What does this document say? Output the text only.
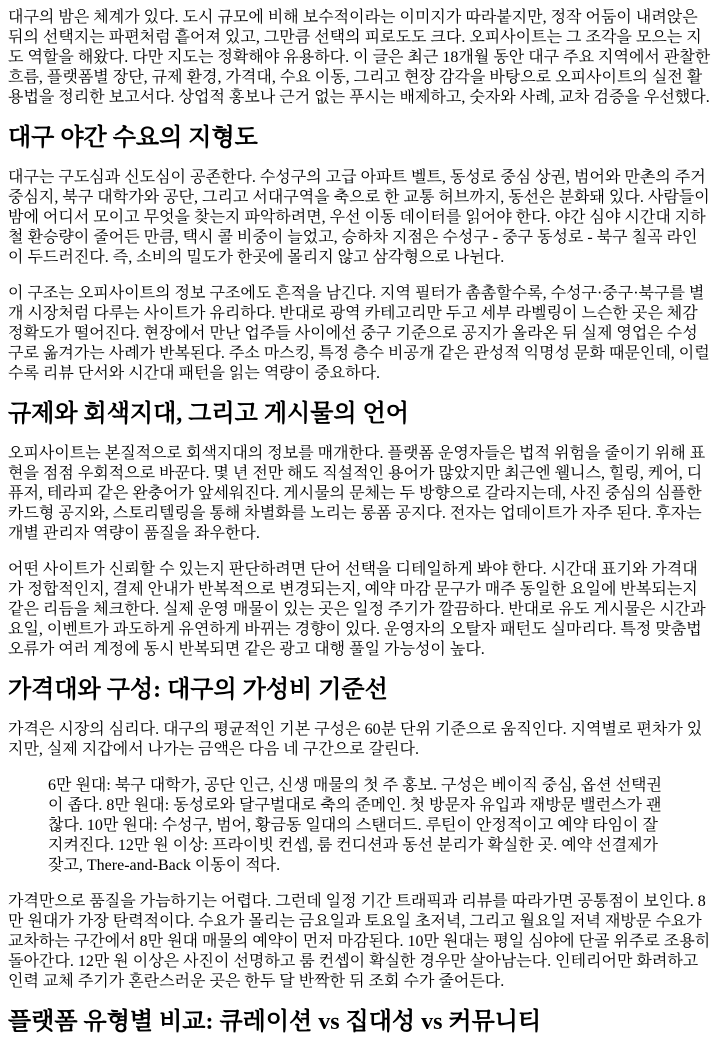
대구의 밤은 체계가 있다. 도시 규모에 비해 보수적이라는 이미지가 따라붙지만, 정작 어둠이 내려앉은 뒤의 선택지는 파편처럼 흩어져 있고, 그만큼 선택의 피로도도 크다. 오피사이트는 그 조각을 모으는 지도 역할을 해왔다. 다만 지도는 정확해야 유용하다. 이 글은 최근 18개월 동안 대구 주요 지역에서 관찰한 흐름, 플랫폼별 장단, 규제 환경, 가격대, 수요 이동, 그리고 현장 감각을 바탕으로 오피사이트의 실전 활용법을 정리한 보고서다. 상업적 홍보나 근거 없는 푸시는 배제하고, 숫자와 사례, 교차 검증을 우선했다.

대구 야간 수요의 지형도

대구는 구도심과 신도심이 공존한다. 수성구의 고급 아파트 벨트, 동성로 중심 상권, 범어와 만촌의 주거 중심지, 북구 대학가와 공단, 그리고 서대구역을 축으로 한 교통 허브까지, 동선은 분화돼 있다. 사람들이 밤에 어디서 모이고 무엇을 찾는지 파악하려면, 우선 이동 데이터를 읽어야 한다. 야간 심야 시간대 지하철 환승량이 줄어든 만큼, 택시 콜 비중이 늘었고, 승하차 지점은 수성구 - 중구 동성로 - 북구 칠곡 라인이 두드러진다. 즉, 소비의 밀도가 한곳에 몰리지 않고 삼각형으로 나뉜다.

이 구조는 오피사이트의 정보 구조에도 흔적을 남긴다. 지역 필터가 촘촘할수록, 수성구·중구·북구를 별개 시장처럼 다루는 사이트가 유리하다. 반대로 광역 카테고리만 두고 세부 라벨링이 느슨한 곳은 체감 정확도가 떨어진다. 현장에서 만난 업주들 사이에선 중구 기준으로 공지가 올라온 뒤 실제 영업은 수성구로 옮겨가는 사례가 반복된다. 주소 마스킹, 특정 층수 비공개 같은 관성적 익명성 문화 때문인데, 이럴수록 리뷰 단서와 시간대 패턴을 읽는 역량이 중요하다.

규제와 회색지대, 그리고 게시물의 언어

오피사이트는 본질적으로 회색지대의 정보를 매개한다. 플랫폼 운영자들은 법적 위험을 줄이기 위해 표현을 점점 우회적으로 바꾼다. 몇 년 전만 해도 직설적인 용어가 많았지만 최근엔 웰니스, 힐링, 케어, 디퓨저, 테라피 같은 완충어가 앞세워진다. 게시물의 문체는 두 방향으로 갈라지는데, 사진 중심의 심플한 카드형 공지와, 스토리텔링을 통해 차별화를 노리는 롱폼 공지다. 전자는 업데이트가 자주 된다. 후자는 개별 관리자 역량이 품질을 좌우한다.

어떤 사이트가 신뢰할 수 있는지 판단하려면 단어 선택을 디테일하게 봐야 한다. 시간대 표기와 가격대가 정합적인지, 결제 안내가 반복적으로 변경되는지, 예약 마감 문구가 매주 동일한 요일에 반복되는지 같은 리듬을 체크한다. 실제 운영 매물이 있는 곳은 일정 주기가 깔끔하다. 반대로 유도 게시물은 시간과 요일, 이벤트가 과도하게 유연하게 바뀌는 경향이 있다. 운영자의 오탈자 패턴도 실마리다. 특정 맞춤법 오류가 여러 계정에 동시 반복되면 같은 광고 대행 풀일 가능성이 높다.

가격대와 구성: 대구의 가성비 기준선

가격은 시장의 심리다. 대구의 평균적인 기본 구성은 60분 단위 기준으로 움직인다. 지역별로 편차가 있지만, 실제 지갑에서 나가는 금액은 다음 네 구간으로 갈린다.

6만 원대: 북구 대학가, 공단 인근, 신생 매물의 첫 주 홍보. 구성은 베이직 중심, 옵션 선택권이 좁다. 8만 원대: 동성로와 달구벌대로 축의 준메인. 첫 방문자 유입과 재방문 밸런스가 괜찮다. 10만 원대: 수성구, 범어, 황금동 일대의 스탠더드. 루틴이 안정적이고 예약 타임이 잘 지켜진다. 12만 원 이상: 프라이빗 컨셉, 룸 컨디션과 동선 분리가 확실한 곳. 예약 선결제가 잦고, There-and-Back 이동이 적다.

가격만으로 품질을 가늠하기는 어렵다. 그런데 일정 기간 트래픽과 리뷰를 따라가면 공통점이 보인다. 8만 원대가 가장 탄력적이다. 수요가 몰리는 금요일과 토요일 초저녁, 그리고 월요일 저녁 재방문 수요가 교차하는 구간에서 8만 원대 매물의 예약이 먼저 마감된다. 10만 원대는 평일 심야에 단골 위주로 조용히 돌아간다. 12만 원 이상은 사진이 선명하고 룸 컨셉이 확실한 경우만 살아남는다. 인테리어만 화려하고 인력 교체 주기가 혼란스러운 곳은 한두 달 반짝한 뒤 조회 수가 줄어든다.

플랫폼 유형별 비교: 큐레이션 vs 집대성 vs 커뮤니티
